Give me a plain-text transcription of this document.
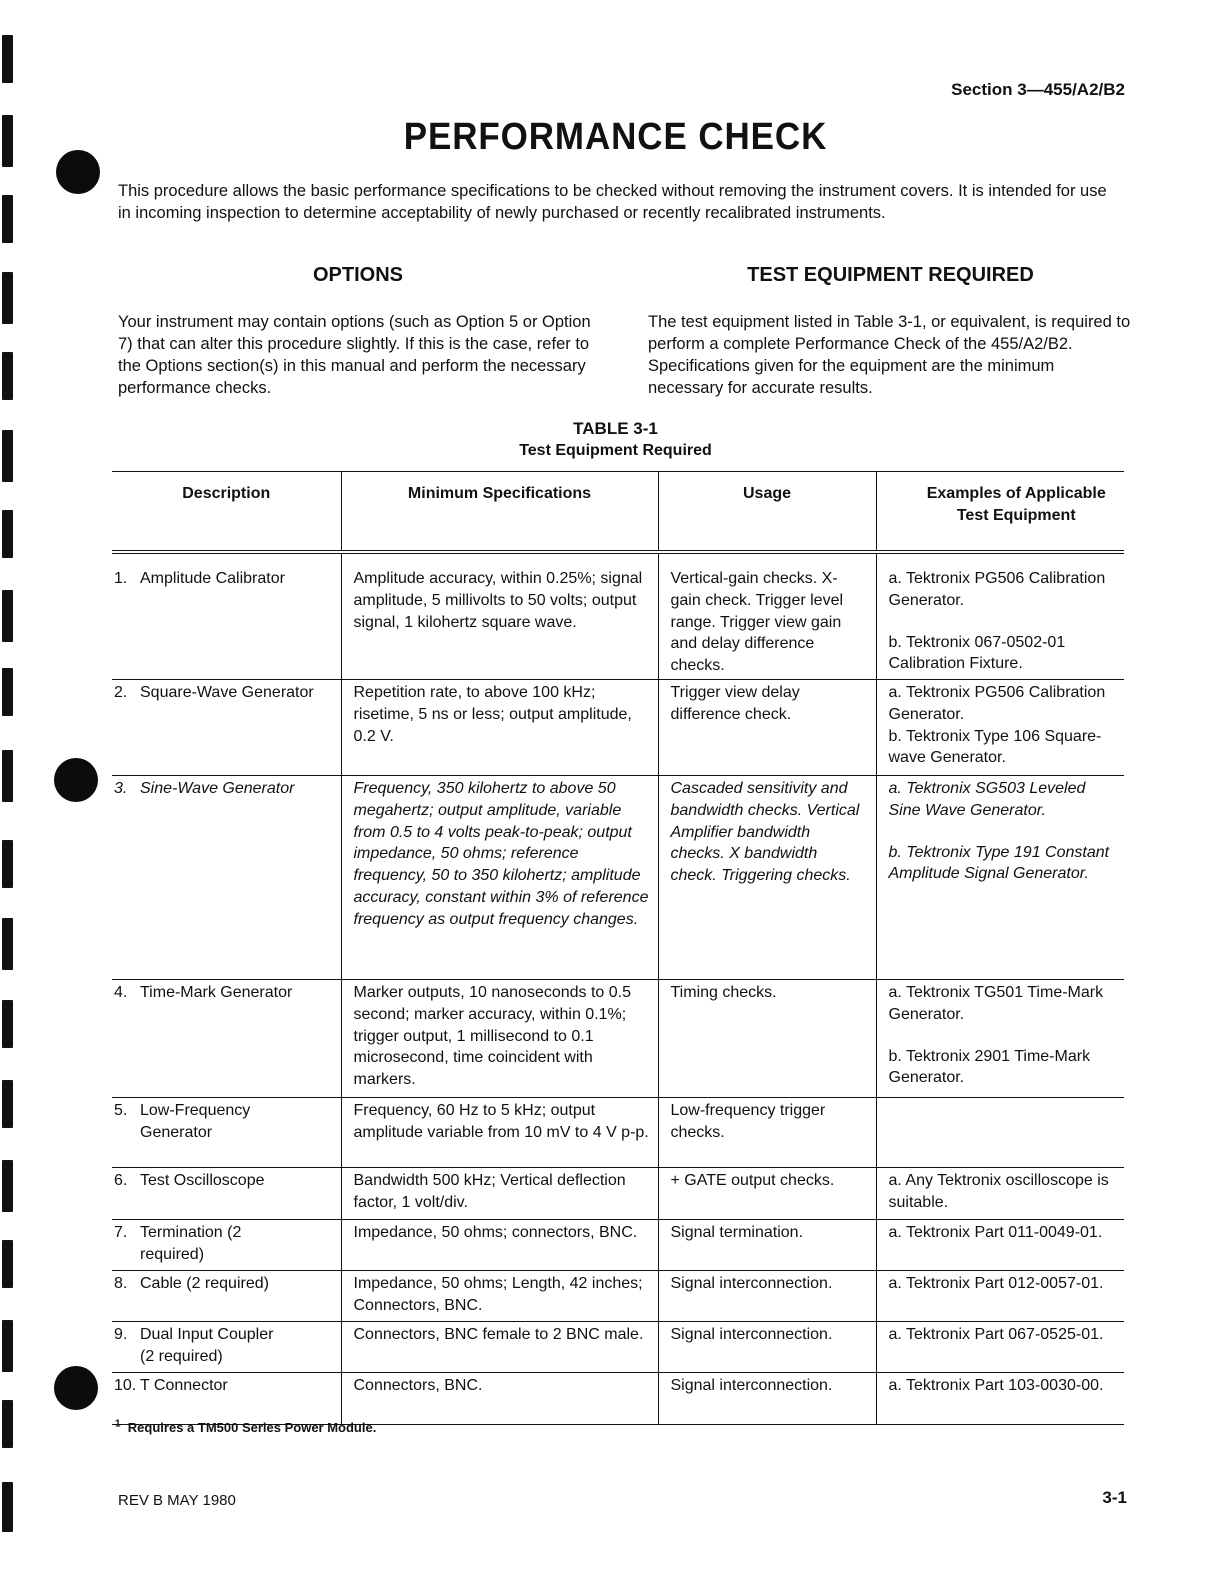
Section 3—455/A2/B2
PERFORMANCE CHECK
This procedure allows the basic performance specifications to be checked without removing the instrument covers. It is intended for use in incoming inspection to determine acceptability of newly purchased or recently recalibrated instruments.
OPTIONS	TEST EQUIPMENT REQUIRED
Your instrument may contain options (such as Option 5 or Option 7) that can alter this procedure slightly. If this is the case, refer to the Options section(s) in this manual and perform the necessary performance checks.
The test equipment listed in Table 3-1, or equivalent, is required to perform a complete Performance Check of the 455/A2/B2. Specifications given for the equipment are the minimum necessary for accurate results.
TABLE 3-1
Test Equipment Required
Description	Minimum Specifications	Usage	Examples of Applicable Test Equipment

1. Amplitude Calibrator	Amplitude accuracy, within 0.25%; signal amplitude, 5 millivolts to 50 volts; output signal, 1 kilohertz square wave.	Vertical-gain checks. X-gain check. Trigger level range. Trigger view gain and delay difference checks.	a. Tektronix PG506 Calibration Generator.
b. Tektronix 067-0502-01 Calibration Fixture.

2. Square-Wave Generator	Repetition rate, to above 100 kHz; risetime, 5 ns or less; output amplitude, 0.2 V.	Trigger view delay difference check.	a. Tektronix PG506 Calibration Generator.
b. Tektronix Type 106 Square-wave Generator.

3. Sine-Wave Generator	Frequency, 350 kilohertz to above 50 megahertz; output amplitude, variable from 0.5 to 4 volts peak-to-peak; output impedance, 50 ohms; reference frequency, 50 to 350 kilohertz; amplitude accuracy, constant within 3% of reference frequency as output frequency changes.	Cascaded sensitivity and bandwidth checks. Vertical Amplifier bandwidth checks. X bandwidth check. Triggering checks.	a. Tektronix SG503 Leveled Sine Wave Generator.
b. Tektronix Type 191 Constant Amplitude Signal Generator.

4. Time-Mark Generator	Marker outputs, 10 nanoseconds to 0.5 second; marker accuracy, within 0.1%; trigger output, 1 millisecond to 0.1 microsecond, time coincident with markers.	Timing checks.	a. Tektronix TG501 Time-Mark Generator.
b. Tektronix 2901 Time-Mark Generator.

5. Low-Frequency
Generator	Frequency, 60 Hz to 5 kHz; output amplitude variable from 10 mV to 4 V p-p.	Low-frequency trigger checks.	
6. Test Oscilloscope	Bandwidth 500 kHz; Vertical deflection factor, 1 volt/div.	+ GATE output checks.	a. Any Tektronix oscilloscope is suitable.

7. Termination (2
required)	Impedance, 50 ohms; connectors, BNC.	Signal termination.	a. Tektronix Part 011-0049-01.

8. Cable (2 required)	Impedance, 50 ohms; Length, 42 inches; Connectors, BNC.	Signal interconnection.	a. Tektronix Part 012-0057-01.

9. Dual Input Coupler
(2 required)	Connectors, BNC female to 2 BNC male.	Signal interconnection.	a. Tektronix Part 067-0525-01.

10. T Connector	Connectors, BNC.	Signal interconnection.	a. Tektronix Part 103-0030-00.
$^1$ Requires a TM500 Series Power Module.
REV B MAY 1980	3-1
